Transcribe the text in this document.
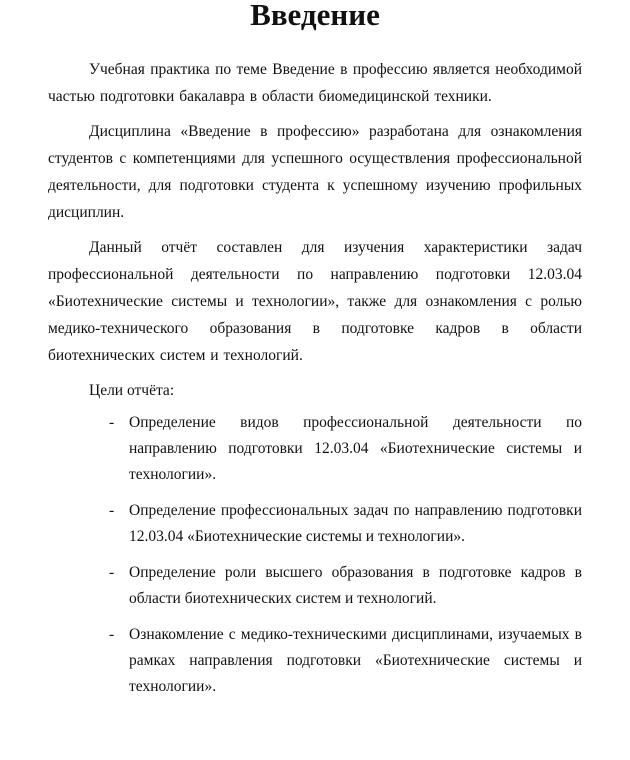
Введение

Учебная практика по теме Введение в профессию является необходимой частью подготовки бакалавра в области биомедицинской техники.

Дисциплина «Введение в профессию» разработана для ознакомления студентов с компетенциями для успешного осуществления профессиональной деятельности, для подготовки студента к успешному изучению профильных дисциплин.

Данный отчёт составлен для изучения характеристики задач профессиональной деятельности по направлению подготовки 12.03.04 «Биотехнические системы и технологии», также для ознакомления с ролью медико-технического образования в подготовке кадров в области биотехнических систем и технологий.

Цели отчёта:

- Определение видов профессиональной деятельности по направлению подготовки 12.03.04 «Биотехнические системы и технологии».
- Определение профессиональных задач по направлению подготовки 12.03.04 «Биотехнические системы и технологии».
- Определение роли высшего образования в подготовке кадров в области биотехнических систем и технологий.
- Ознакомление с медико-техническими дисциплинами, изучаемых в рамках направления подготовки «Биотехнические системы и технологии».
